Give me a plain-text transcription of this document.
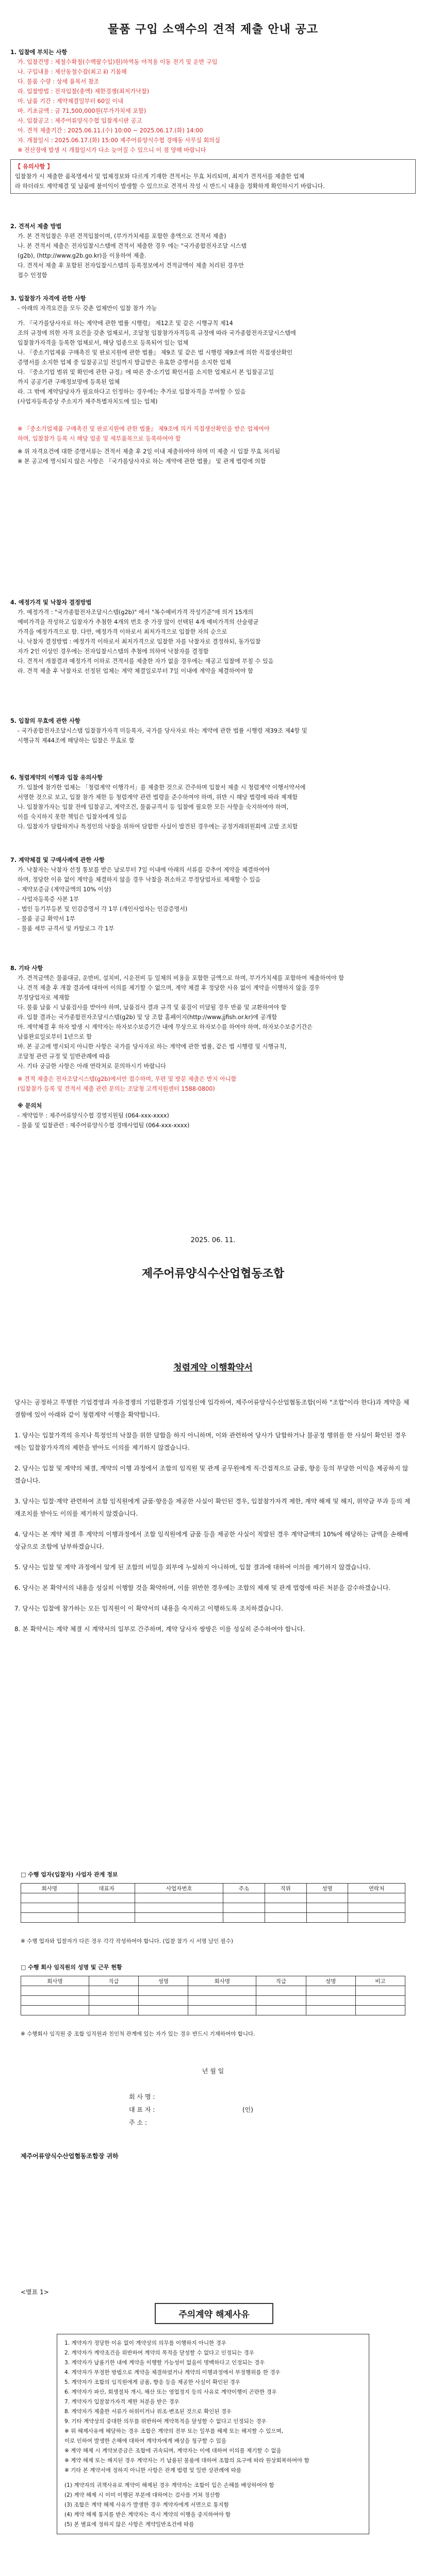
물품 구입 소액수의 견적 제출 안내 공고

1. 입찰에 부치는 사항

가. 입찰건명 : 제철수확철(수백팔수입)원)하역동 야적용 이동 전기 및 운반 구입

나. 구입내용 : 제산동철수잡(최고 ⅱ) 기몸해

다. 물품 수량 : 상세 품목서 참조

라. 입찰방법 : 전자입찰(총액) 제한경쟁(최저가낙찰)

마. 납품 기간 : 계약체결일부터 60일 이내

바. 기초금액 : 금 71,500,000원(부가가치세 포함)

사. 입찰공고 : 제주어류양식수협 입찰게시판 공고

아. 견적 제출기간 : 2025.06.11.(수) 10:00 ~ 2025.06.17.(화) 14:00

자. 개찰일시 : 2025.06.17.(화) 15:00 제주어류양식수협 경매동 사무실 회의실

※ 전산장애 발생 시 개찰일시가 다소 늦어질 수 있으니 이 점 양해 바랍니다

【 유의사항 】

입찰참가 시 제출한 품목명세서 및 업체정보와 다르게 기재한 견적서는 무효 처리되며, 최저가 견적서를 제출한 업체

라 하더라도 계약체결 및 납품에 불이익이 발생할 수 있으므로 견적서 작성 시 반드시 내용을 정확하게 확인하시기 바랍니다.

2. 견적서 제출 방법

가. 본 견적입찰은 우편 견적입찰이며, (부가가치세를 포함한 총액으로 견적서 제출)

나. 본 견적서 제출은 전자입찰시스템에 견적서 제출한 경우 에는 "국가종합전자조달 시스템

(g2b), (http://www.g2b.go.kr)을 이용하여 제출.

다. 견적서 제출 후 포함된 전자입찰시스템의 등록정보에서 견적금액이 제출 처리된 경우만

접수 인정함

3. 입찰참가 자격에 관한 사항

- 아래의 자격요건을 모두 갖춘 업체만이 입찰 참가 가능

가. 『국가를당사자로 하는 계약에 관한 법률 시행령』 제12조 및 같은 시행규칙 제14

조의 규정에 의한 자격 요건을 갖춘 업체로서, 조달청 입찰참가자격등록 규정에 따라 국가종합전자조달시스템에

입찰참가자격을 등록한 업체로서, 해당 업종으로 등록되어 있는 업체

나. 『중소기업제품 구매촉진 및 판로지원에 관한 법률』 제9조 및 같은 법 시행령 제9조에 의한 직접생산확인

증명서를 소지한 업체 중 입찰공고일 전일까지 발급받은 유효한 증명서를 소지한 업체

다. 『중소기업 범위 및 확인에 관한 규정』에 따른 중·소기업 확인서를 소지한 업체로서 본 입찰공고일

까지 공공기관 구매정보망에 등록된 업체

라. 그 밖에 계약담당자가 필요하다고 인정하는 경우에는 추가로 입찰자격을 부여할 수 있음

(사업자등록증상 주소지가 제주특별자치도에 있는 업체)

※ 『중소기업제품 구매촉진 및 판로지원에 관한 법률』 제9조에 의거 직접생산확인을 받은 업체여야

하며, 입찰참가 등록 시 해당 업종 및 세부품목으로 등록하여야 함

※ 위 자격요건에 대한 증명서류는 견적서 제출 후 2일 이내 제출하여야 하며 미 제출 시 입찰 무효 처리됨

※ 본 공고에 명시되지 않은 사항은 『국가를당사자로 하는 계약에 관한 법률』 및 관계 법령에 의함

4. 예정가격 및 낙찰자 결정방법

가. 예정가격 : "국가종합전자조달시스템(g2b)" 에서 "복수예비가격 작성기준"에 의거 15개의

예비가격을 작성하고 입찰자가 추첨한 4개의 번호 중 가장 많이 선택된 4개 예비가격의 산술평균

가격을 예정가격으로 함. 다만, 예정가격 이하로서 최저가격으로 입찰한 자의 순으로

나. 낙찰자 결정방법 : 예정가격 이하로서 최저가격으로 입찰한 자를 낙찰자로 결정하되, 동가입찰

자가 2인 이상인 경우에는 전자입찰시스템의 추첨에 의하여 낙찰자를 결정함

다. 견적서 개찰결과 예정가격 이하로 견적서를 제출한 자가 없을 경우에는 재공고 입찰에 부칠 수 있음

라. 견적 제출 후 낙찰자로 선정된 업체는 계약 체결일로부터 7일 이내에 계약을 체결하여야 함

5. 입찰의 무효에 관한 사항

- 국가종합전자조달시스템 입찰참가자격 미등록자, 국가를 당사자로 하는 계약에 관한 법률 시행령 제39조 제4항 및

시행규칙 제44조에 해당하는 입찰은 무효로 함

6. 청렴계약의 이행과 입찰 유의사항

가. 입찰에 참가한 업체는 「청렴계약 이행각서」를 제출한 것으로 간주하며 입찰서 제출 시 청렴계약 이행서약서에

서명한 것으로 보고, 입찰 참가 제한 등 청렴계약 관련 법령을 준수하여야 하며, 위반 시 해당 법령에 따라 제재함

나. 입찰참가자는 입찰 전에 입찰공고, 계약조건, 물품규격서 등 입찰에 필요한 모든 사항을 숙지하여야 하며,

이를 숙지하지 못한 책임은 입찰자에게 있음

다. 입찰자가 담합하거나 특정인의 낙찰을 위하여 담합한 사실이 발견된 경우에는 공정거래위원회에 고발 조치함

7. 계약체결 및 구매사례에 관한 사항

가. 낙찰자는 낙찰자 선정 통보를 받은 날로부터 7일 이내에 아래의 서류를 갖추어 계약을 체결하여야

하며, 정당한 이유 없이 계약을 체결하지 않을 경우 낙찰을 취소하고 부정당업자로 제재할 수 있음

- 계약보증금 (계약금액의 10% 이상)

- 사업자등록증 사본 1부

- 법인 등기부등본 및 인감증명서 각 1부 (개인사업자는 인감증명서)

- 물품 공급 확약서 1부

- 물품 세부 규격서 및 카탈로그 각 1부

8. 기타 사항

가. 견적금액은 물품대금, 운반비, 설치비, 시운전비 등 일체의 비용을 포함한 금액으로 하며, 부가가치세를 포함하여 제출하여야 함

나. 견적 제출 후 개찰 결과에 대하여 이의를 제기할 수 없으며, 계약 체결 후 정당한 사유 없이 계약을 이행하지 않을 경우

부정당업자로 제재함

다. 물품 납품 시 납품검사를 받아야 하며, 납품검사 결과 규격 및 품질이 미달될 경우 반품 및 교환하여야 함

라. 입찰 결과는 국가종합전자조달시스템(g2b) 및 당 조합 홈페이지(http://www.jjfish.or.kr)에 공개함

마. 계약체결 후 하자 발생 시 계약자는 하자보수보증기간 내에 무상으로 하자보수를 하여야 하며, 하자보수보증기간은

납품완료일로부터 1년으로 함

바. 본 공고에 명시되지 아니한 사항은 국가를 당사자로 하는 계약에 관한 법률, 같은 법 시행령 및 시행규칙,

조달청 관련 규정 및 일반관례에 따름

사. 기타 궁금한 사항은 아래 연락처로 문의하시기 바랍니다

※ 견적 제출은 전자조달시스템(g2b)에서만 접수하며, 우편 및 방문 제출은 받지 아니함

(입찰참가 등록 및 견적서 제출 관련 문의는 조달청 고객지원센터 1588-0800)

※ 문의처

- 계약업무 : 제주어류양식수협 경영지원팀 (064-xxx-xxxx)

- 물품 및 입찰관련 : 제주어류양식수협 경매사업팀 (064-xxx-xxxx)

2025. 06. 11.
제주어류양식수산업협동조합
청렴계약 이행확약서

당사는 공정하고 투명한 기업경영과 자유경쟁의 기업환경과 기업정신에 입각하여, 제주어류양식수산업협동조합(이하 "조합"이라 한다)과 계약을 체결함에 있어 아래와 같이 청렴계약 이행을 확약합니다.

1. 당사는 입찰가격의 유지나 특정인의 낙찰을 위한 담합을 하지 아니하며, 이와 관련하여 당사가 담합하거나 불공정 행위를 한 사실이 확인된 경우에는 입찰참가자격의 제한을 받아도 이의를 제기하지 않겠습니다.

2. 당사는 입찰 및 계약의 체결, 계약의 이행 과정에서 조합의 임직원 및 관계 공무원에게 직·간접적으로 금품, 향응 등의 부당한 이익을 제공하지 않겠습니다.

3. 당사는 입찰·계약 관련하여 조합 임직원에게 금품·향응을 제공한 사실이 확인된 경우, 입찰참가자격 제한, 계약 해제 및 해지, 위약금 부과 등의 제재조치를 받아도 이의를 제기하지 않겠습니다.

4. 당사는 본 계약 체결 후 계약의 이행과정에서 조합 임직원에게 금품 등을 제공한 사실이 적발된 경우 계약금액의 10%에 해당하는 금액을 손해배상금으로 조합에 납부하겠습니다.

5. 당사는 입찰 및 계약 과정에서 알게 된 조합의 비밀을 외부에 누설하지 아니하며, 입찰 결과에 대하여 이의를 제기하지 않겠습니다.

6. 당사는 본 확약서의 내용을 성실히 이행할 것을 확약하며, 이를 위반한 경우에는 조합의 제재 및 관계 법령에 따른 처분을 감수하겠습니다.

7. 당사는 입찰에 참가하는 모든 임직원이 이 확약서의 내용을 숙지하고 이행하도록 조치하겠습니다.

8. 본 확약서는 계약 체결 시 계약서의 일부로 간주하며, 계약 당사자 쌍방은 이를 성실히 준수하여야 합니다.

□ 수행 업자(입찰자) 사업자 관계 정보
회사명	대표자	사업자번호	주소	직위	성명	연락처

※ 수행 업자와 입찰자가 다른 경우 각각 작성하여야 합니다. (입찰 참가 시 서명 날인 필수)
□ 수행 회사 임직원의 성명 및 근무 현황
회사명	직급	성명	회사명	직급	성명	비고

※ 수행회사 임직원 중 조합 임직원과 친인척 관계에 있는 자가 있는 경우 반드시 기재하여야 합니다.
년 월 일
회 사 명 :
대 표 자 :	(인)
주 소 :
제주어류양식수산업협동조합장 귀하
<별표 1>
주의계약 해제사유

1. 계약자가 정당한 이유 없이 계약상의 의무를 이행하지 아니한 경우

2. 계약자가 계약조건을 위반하여 계약의 목적을 달성할 수 없다고 인정되는 경우

3. 계약자가 납품기한 내에 계약을 이행할 가능성이 없음이 명백하다고 인정되는 경우

4. 계약자가 부정한 방법으로 계약을 체결하였거나 계약의 이행과정에서 부정행위를 한 경우

5. 계약자가 조합의 임직원에게 금품, 향응 등을 제공한 사실이 확인된 경우

6. 계약자가 파산, 회생절차 개시, 해산 또는 영업정지 등의 사유로 계약이행이 곤란한 경우

7. 계약자가 입찰참가자격 제한 처분을 받은 경우

8. 계약자가 제출한 서류가 허위이거나 위조·변조된 것으로 확인된 경우

9. 기타 계약상의 중대한 의무를 위반하여 계약목적을 달성할 수 없다고 인정되는 경우

※ 위 해제사유에 해당하는 경우 조합은 계약의 전부 또는 일부를 해제 또는 해지할 수 있으며,

이로 인하여 발생한 손해에 대하여 계약자에게 배상을 청구할 수 있음

※ 계약 해제 시 계약보증금은 조합에 귀속되며, 계약자는 이에 대하여 이의를 제기할 수 없음

※ 계약 해제 또는 해지된 경우 계약자는 기 납품된 물품에 대하여 조합의 요구에 따라 원상회복하여야 함

※ 기타 본 계약서에 정하지 아니한 사항은 관계 법령 및 일반 상관례에 따름

(1) 계약자의 귀책사유로 계약이 해제된 경우 계약자는 조합이 입은 손해를 배상하여야 함

(2) 계약 해제 시 이미 이행된 부분에 대하여는 검사를 거쳐 정산함

(3) 조합은 계약 해제 사유가 발생한 경우 계약자에게 서면으로 통지함

(4) 계약 해제 통지를 받은 계약자는 즉시 계약의 이행을 중지하여야 함

(5) 본 별표에 정하지 않은 사항은 계약일반조건에 따름
